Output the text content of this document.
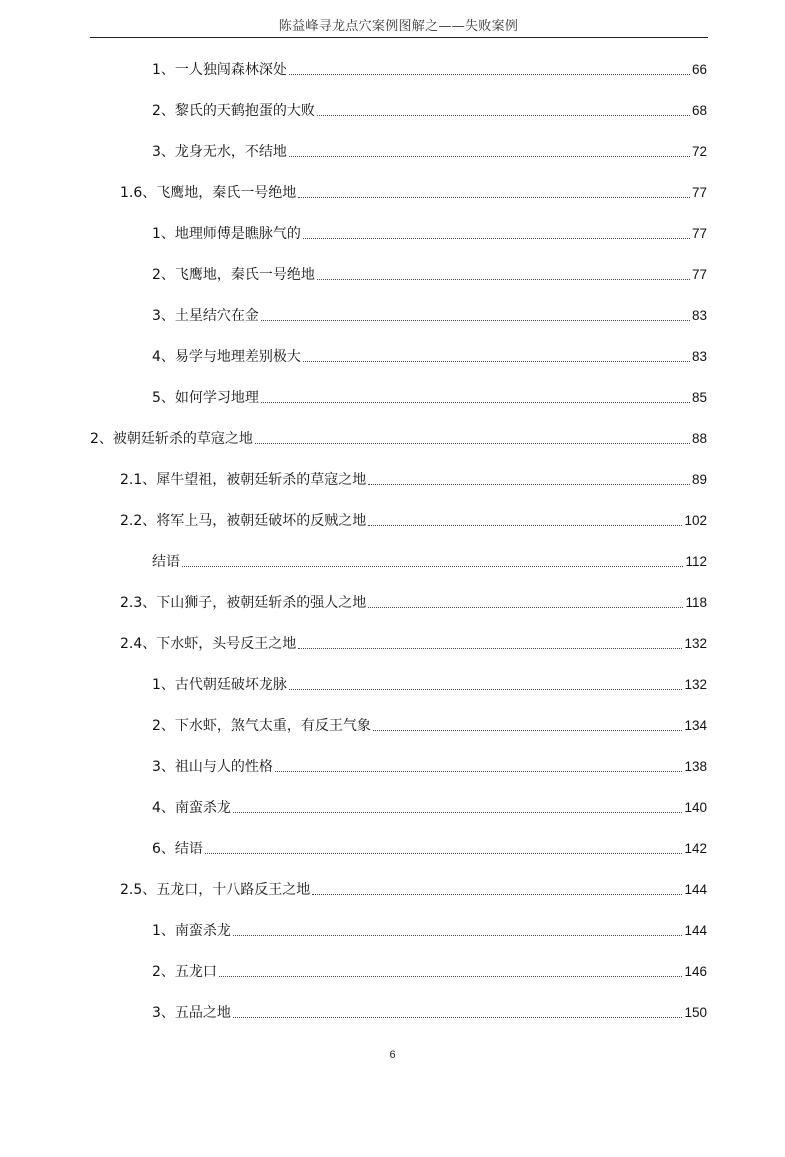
陈益峰寻龙点穴案例图解之——失败案例
1、 一人独闯森林深处	66
2、 黎氏的天鹤抱蛋的大败	68
3、 龙身无水，不结地	72
1.6、 飞鹰地，秦氏一号绝地	77
1、 地理师傅是瞧脉气的	77
2、 飞鹰地，秦氏一号绝地	77
3、 土星结穴在金	83
4、 易学与地理差别极大	83
5、 如何学习地理	85
2、 被朝廷斩杀的草寇之地	88
2.1、 犀牛望祖，被朝廷斩杀的草寇之地	89
2.2、 将军上马，被朝廷破坏的反贼之地	102
结语	112
2.3、 下山狮子，被朝廷斩杀的强人之地	118
2.4、 下水虾，头号反王之地	132
1、 古代朝廷破坏龙脉	132
2、 下水虾，煞气太重，有反王气象	134
3、 祖山与人的性格	138
4、 南蛮杀龙	140
6、 结语	142
2.5、 五龙口，十八路反王之地	144
1、 南蛮杀龙	144
2、 五龙口	146
3、 五品之地	150
6
